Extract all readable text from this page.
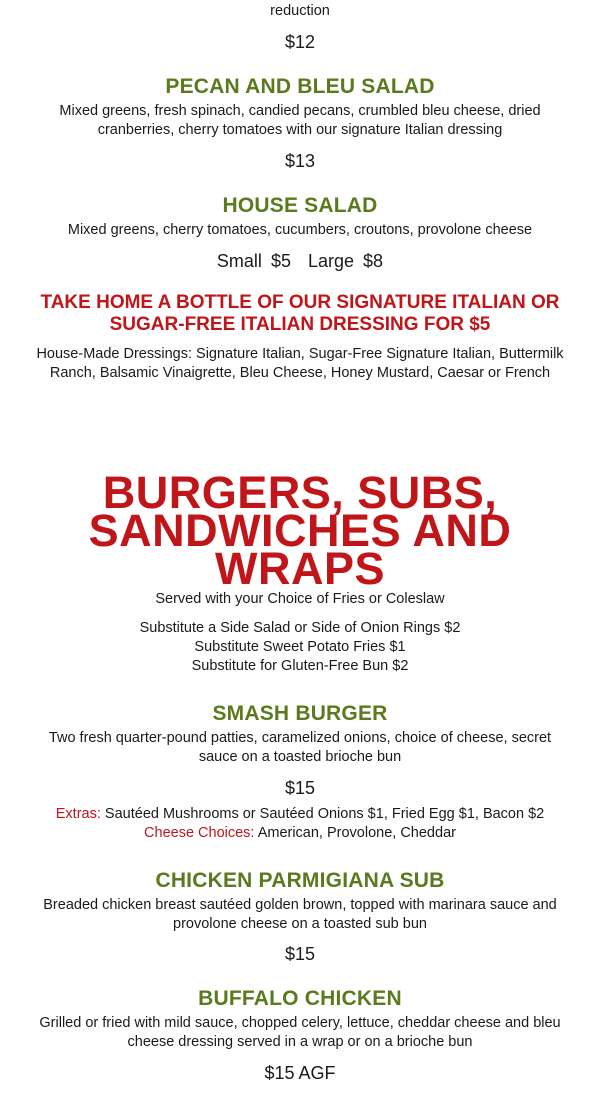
reduction
$12
PECAN AND BLEU SALAD
Mixed greens, fresh spinach, candied pecans, crumbled bleu cheese, dried cranberries, cherry tomatoes with our signature Italian dressing
$13
HOUSE SALAD
Mixed greens, cherry tomatoes, cucumbers, croutons, provolone cheese
Small $5 Large $8
TAKE HOME A BOTTLE OF OUR SIGNATURE ITALIAN OR SUGAR-FREE ITALIAN DRESSING FOR $5
House-Made Dressings: Signature Italian, Sugar-Free Signature Italian, Buttermilk Ranch, Balsamic Vinaigrette, Bleu Cheese, Honey Mustard, Caesar or French
BURGERS, SUBS, SANDWICHES AND WRAPS
Served with your Choice of Fries or Coleslaw
Substitute a Side Salad or Side of Onion Rings $2
Substitute Sweet Potato Fries $1
Substitute for Gluten-Free Bun $2
SMASH BURGER
Two fresh quarter-pound patties, caramelized onions, choice of cheese, secret sauce on a toasted brioche bun
$15
Extras: Sautéed Mushrooms or Sautéed Onions $1, Fried Egg $1, Bacon $2
Cheese Choices: American, Provolone, Cheddar
CHICKEN PARMIGIANA SUB
Breaded chicken breast sautéed golden brown, topped with marinara sauce and provolone cheese on a toasted sub bun
$15
BUFFALO CHICKEN
Grilled or fried with mild sauce, chopped celery, lettuce, cheddar cheese and bleu cheese dressing served in a wrap or on a brioche bun
$15 AGF
